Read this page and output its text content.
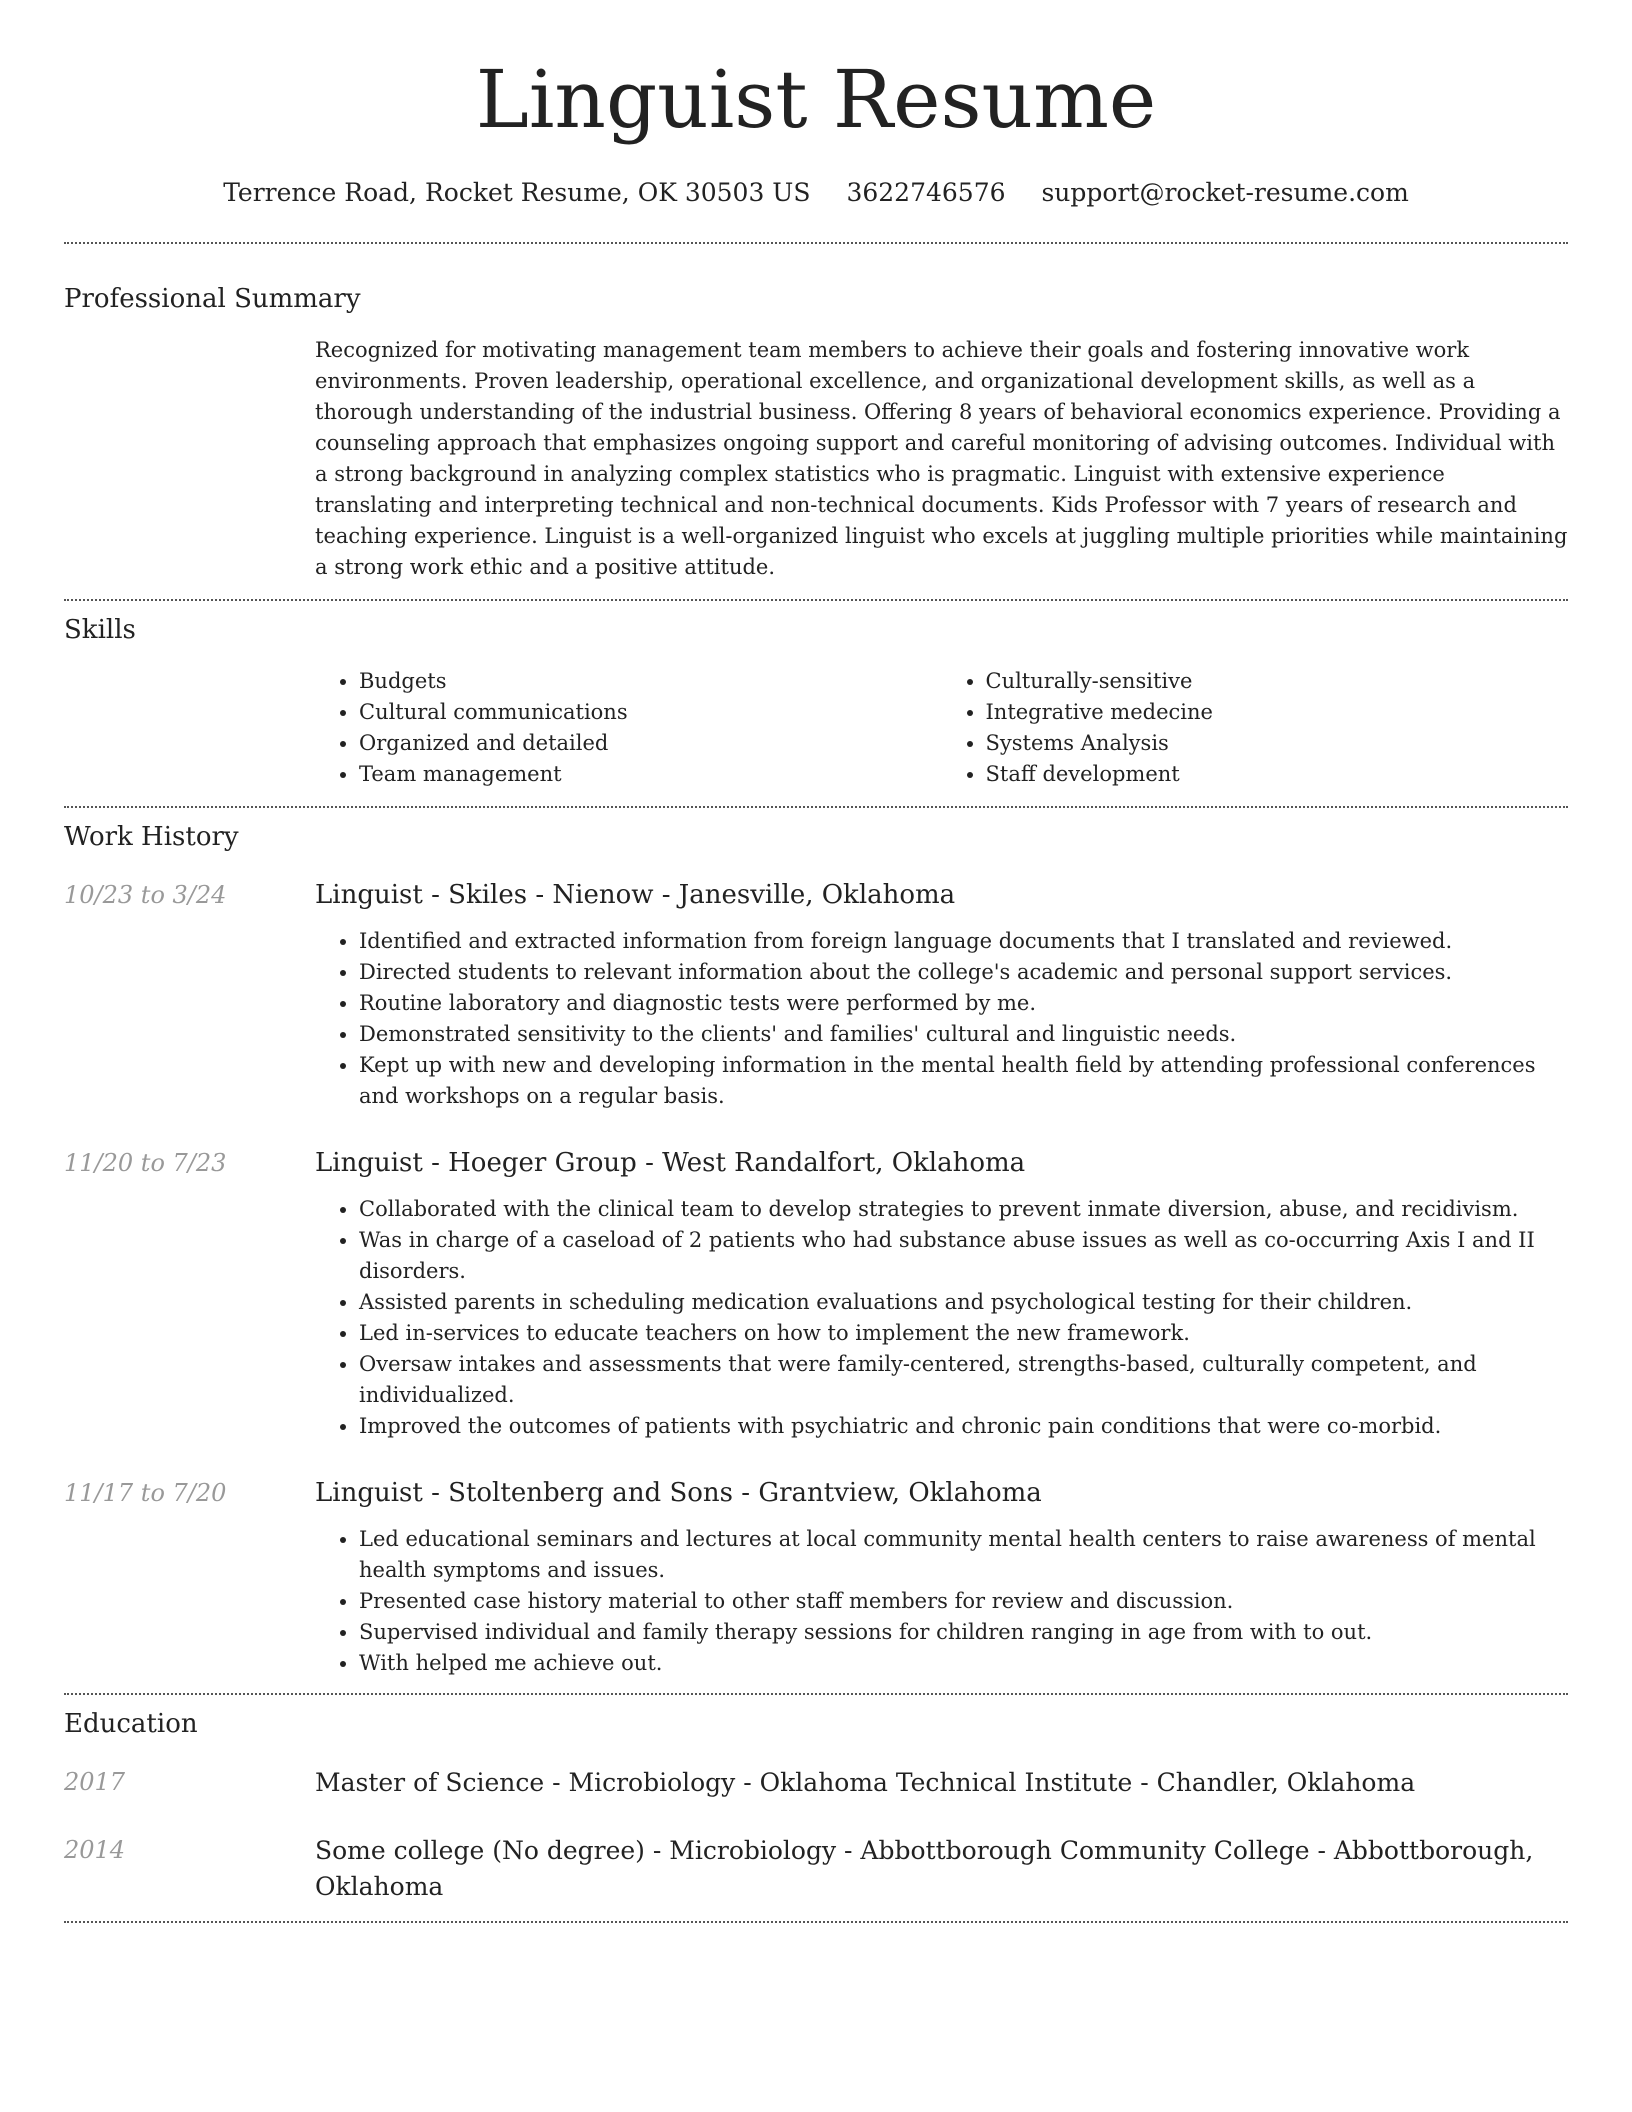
Linguist Resume
Terrence Road, Rocket Resume, OK 30503 US 3622746576 support@rocket-resume.com
Professional Summary

Recognized for motivating management team members to achieve their goals and fostering innovative work environments. Proven leadership, operational excellence, and organizational development skills, as well as a thorough understanding of the industrial business. Offering 8 years of behavioral economics experience. Providing a counseling approach that emphasizes ongoing support and careful monitoring of advising outcomes. Individual with a strong background in analyzing complex statistics who is pragmatic. Linguist with extensive experience translating and interpreting technical and non-technical documents. Kids Professor with 7 years of research and teaching experience. Linguist is a well-organized linguist who excels at juggling multiple priorities while maintaining a strong work ethic and a positive attitude.

Skills
• Budgets
• Cultural communications
• Organized and detailed
• Team management
• Culturally-sensitive
• Integrative medecine
• Systems Analysis
• Staff development
Work History
10/23 to 3/24	Linguist - Skiles - Nienow - Janesville, Oklahoma
• Identified and extracted information from foreign language documents that I translated and reviewed.
• Directed students to relevant information about the college's academic and personal support services.
• Routine laboratory and diagnostic tests were performed by me.
• Demonstrated sensitivity to the clients' and families' cultural and linguistic needs.
• Kept up with new and developing information in the mental health field by attending professional conferences and workshops on a regular basis.
11/20 to 7/23	Linguist - Hoeger Group - West Randalfort, Oklahoma
• Collaborated with the clinical team to develop strategies to prevent inmate diversion, abuse, and recidivism.
• Was in charge of a caseload of 2 patients who had substance abuse issues as well as co-occurring Axis I and II disorders.
• Assisted parents in scheduling medication evaluations and psychological testing for their children.
• Led in-services to educate teachers on how to implement the new framework.
• Oversaw intakes and assessments that were family-centered, strengths-based, culturally competent, and individualized.
• Improved the outcomes of patients with psychiatric and chronic pain conditions that were co-morbid.
11/17 to 7/20	Linguist - Stoltenberg and Sons - Grantview, Oklahoma
• Led educational seminars and lectures at local community mental health centers to raise awareness of mental health symptoms and issues.
• Presented case history material to other staff members for review and discussion.
• Supervised individual and family therapy sessions for children ranging in age from with to out.
• With helped me achieve out.
Education
2017	Master of Science - Microbiology - Oklahoma Technical Institute - Chandler, Oklahoma
2014	Some college (No degree) - Microbiology - Abbottborough Community College - Abbottborough, Oklahoma
